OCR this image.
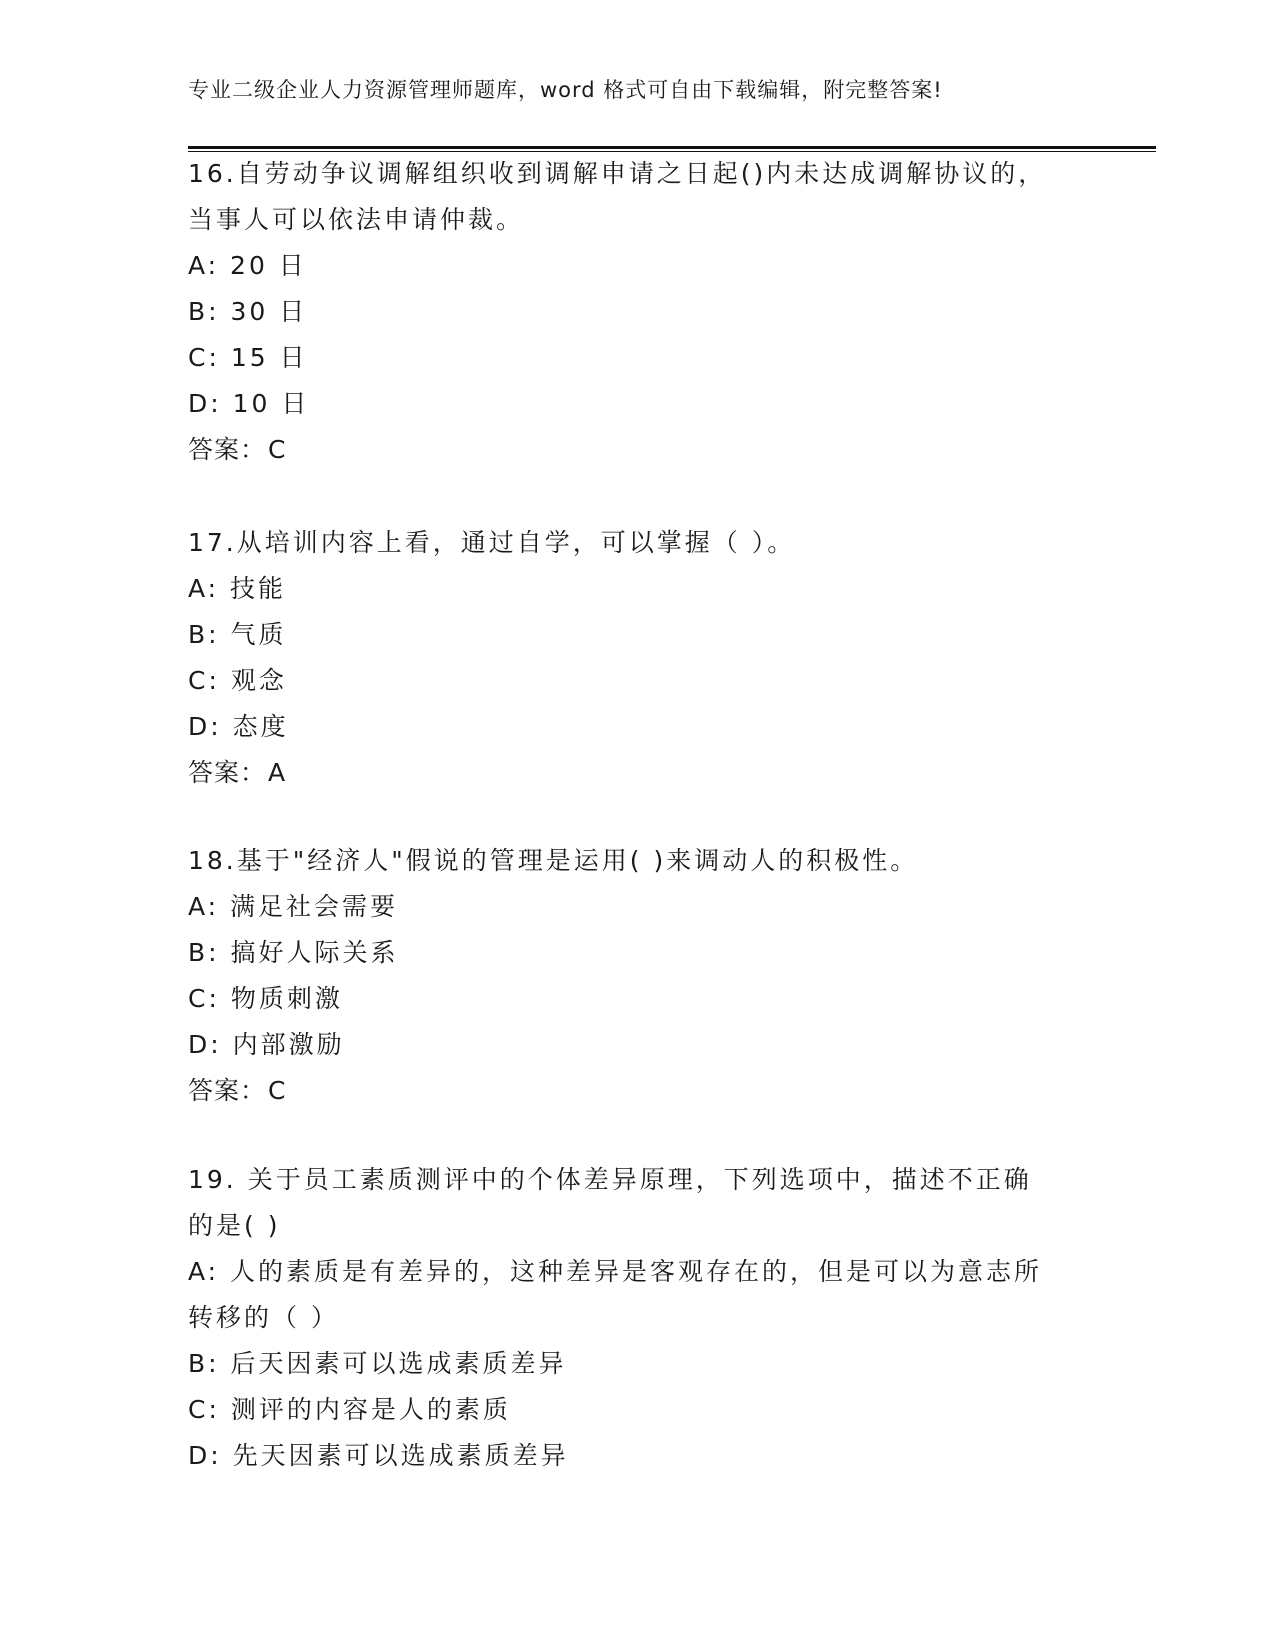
专业二级企业人力资源管理师题库，word 格式可自由下载编辑，附完整答案!
16.自劳动争议调解组织收到调解申请之日起()内未达成调解协议的，
当事人可以依法申请仲裁。
A: 20 日
B: 30 日
C: 15 日
D: 10 日
答案：C
17.从培训内容上看，通过自学，可以掌握（ ）。
A: 技能
B: 气质
C: 观念
D: 态度
答案：A
18.基于"经济人"假说的管理是运用( )来调动人的积极性。
A: 满足社会需要
B: 搞好人际关系
C: 物质刺激
D: 内部激励
答案：C
19. 关于员工素质测评中的个体差异原理，下列选项中，描述不正确
的是( )
A: 人的素质是有差异的，这种差异是客观存在的，但是可以为意志所
转移的（ ）
B: 后天因素可以选成素质差异
C: 测评的内容是人的素质
D: 先天因素可以选成素质差异
